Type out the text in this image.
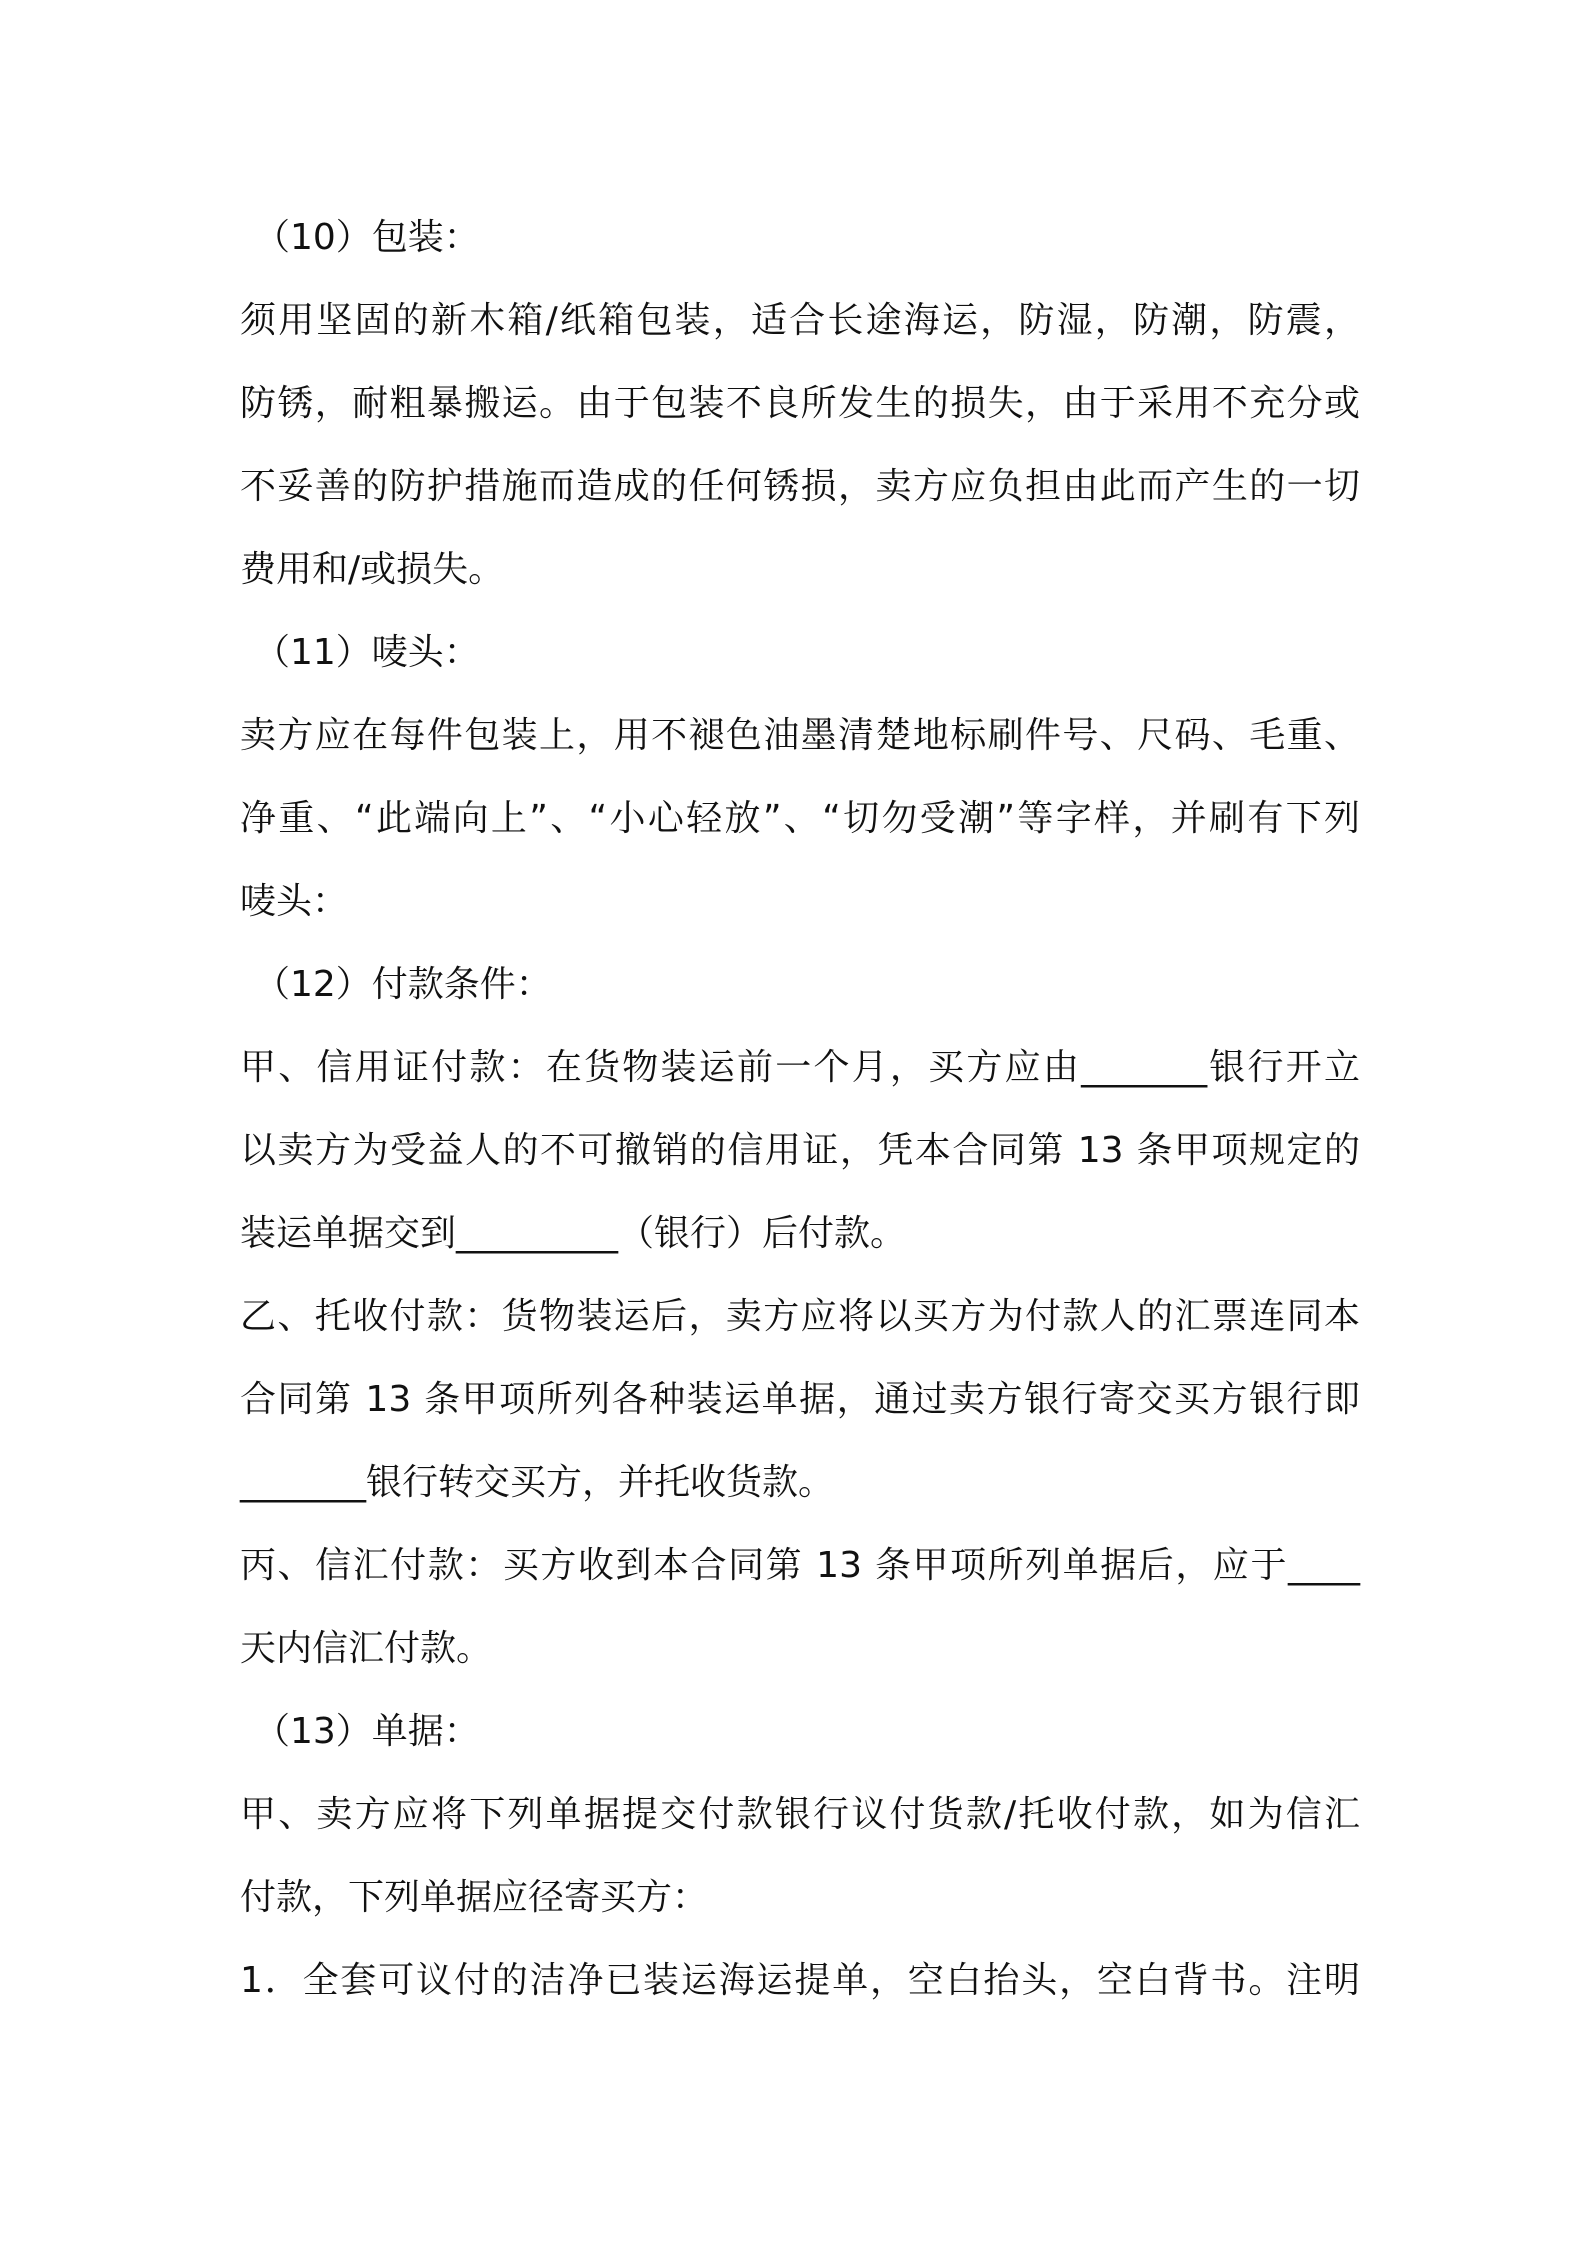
（10）包装：
须用坚固的新木箱/纸箱包装，适合长途海运，防湿，防潮，防震，
防锈，耐粗暴搬运。由于包装不良所发生的损失，由于采用不充分或
不妥善的防护措施而造成的任何锈损，卖方应负担由此而产生的一切
费用和/或损失。
（11）唛头：
卖方应在每件包装上，用不褪色油墨清楚地标刷件号、尺码、毛重、
净重、“此端向上”、“小心轻放”、“切勿受潮”等字样，并刷有下列
唛头：
（12）付款条件：
甲、信用证付款：在货物装运前一个月，买方应由_______银行开立
以卖方为受益人的不可撤销的信用证，凭本合同第 13 条甲项规定的
装运单据交到_________（银行）后付款。
乙、托收付款：货物装运后，卖方应将以买方为付款人的汇票连同本
合同第 13 条甲项所列各种装运单据，通过卖方银行寄交买方银行即
_______银行转交买方，并托收货款。
丙、信汇付款：买方收到本合同第 13 条甲项所列单据后，应于____
天内信汇付款。
（13）单据：
甲、卖方应将下列单据提交付款银行议付货款/托收付款，如为信汇
付款，下列单据应径寄买方：
1．全套可议付的洁净已装运海运提单，空白抬头，空白背书。注明
